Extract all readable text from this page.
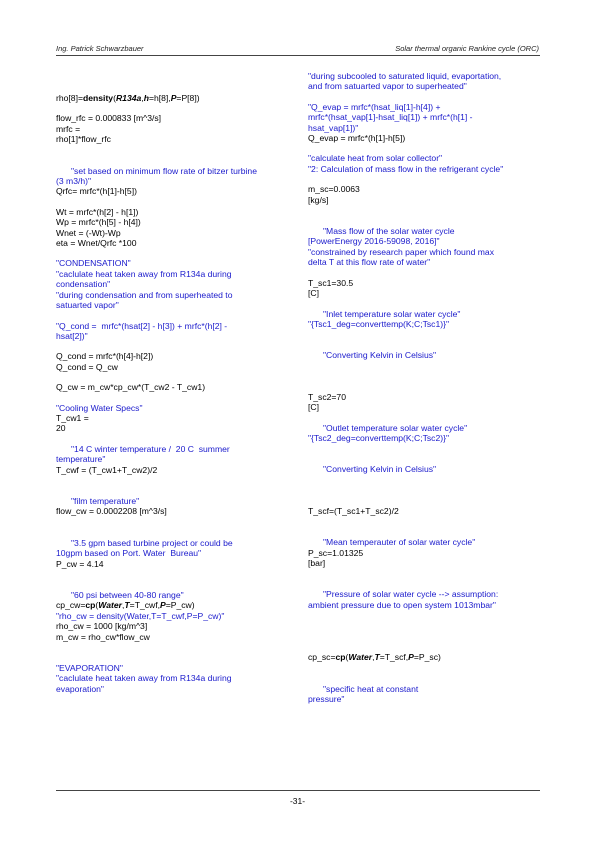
Ing. Patrick Schwarzbauer	Solar thermal organic Rankine cycle (ORC)
rho[8]=density(R134a,h=h[8],P=P[8])
flow_rfc = 0.000833 [m^3/s]
mrfc =
rho[1]*flow_rfc
"set based on minimum flow rate of bitzer turbine
(3 m3/h)"
Qrfc= mrfc*(h[1]-h[5])
Wt = mrfc*(h[2] - h[1])
Wp = mrfc*(h[5] - h[4])
Wnet = (-Wt)-Wp
eta = Wnet/Qrfc *100
"CONDENSATION"
"caclulate heat taken away from R134a during
condensation"
"during condensation and from superheated to
satuarted vapor"
"Q_cond =  mrfc*(hsat[2] - h[3]) + mrfc*(h[2] -
hsat[2])"
Q_cond = mrfc*(h[4]-h[2])
Q_cond = Q_cw
Q_cw = m_cw*cp_cw*(T_cw2 - T_cw1)
"Cooling Water Specs"
T_cw1 =
20
"14 C winter temperature /  20 C  summer
temperature"
T_cwf = (T_cw1+T_cw2)/2
"film temperature"
flow_cw = 0.0002208 [m^3/s]
"3.5 gpm based turbine project or could be
10gpm based on Port. Water  Bureau"
P_cw = 4.14
"60 psi between 40-80 range"
cp_cw=cp(Water,T=T_cwf,P=P_cw)
"rho_cw = density(Water,T=T_cwf,P=P_cw)"
rho_cw = 1000 [kg/m^3]
m_cw = rho_cw*flow_cw
"EVAPORATION"
"caclulate heat taken away from R134a during
evaporation"
"during subcooled to saturated liquid, evaportation,
and from satuarted vapor to superheated"
"Q_evap = mrfc*(hsat_liq[1]-h[4]) +
mrfc*(hsat_vap[1]-hsat_liq[1]) + mrfc*(h[1] -
hsat_vap[1])"
Q_evap = mrfc*(h[1]-h[5])
"calculate heat from solar collector"
"2: Calculation of mass flow in the refrigerant cycle"
m_sc=0.0063
[kg/s]
"Mass flow of the solar water cycle
[PowerEnergy 2016-59098, 2016]"
"constrained by research paper which found max
delta T at this flow rate of water"
T_sc1=30.5
[C]
"Inlet temperature solar water cycle"
"{Tsc1_deg=converttemp(K;C;Tsc1)}"
"Converting Kelvin in Celsius"
T_sc2=70
[C]
"Outlet temperature solar water cycle"
"{Tsc2_deg=converttemp(K;C;Tsc2)}"
"Converting Kelvin in Celsius"
T_scf=(T_sc1+T_sc2)/2
"Mean temperauter of solar water cycle"
P_sc=1.01325
[bar]
"Pressure of solar water cycle --> assumption:
ambient pressure due to open system 1013mbar"
cp_sc=cp(Water,T=T_scf,P=P_sc)
"specific heat at constant
pressure"
-31-
